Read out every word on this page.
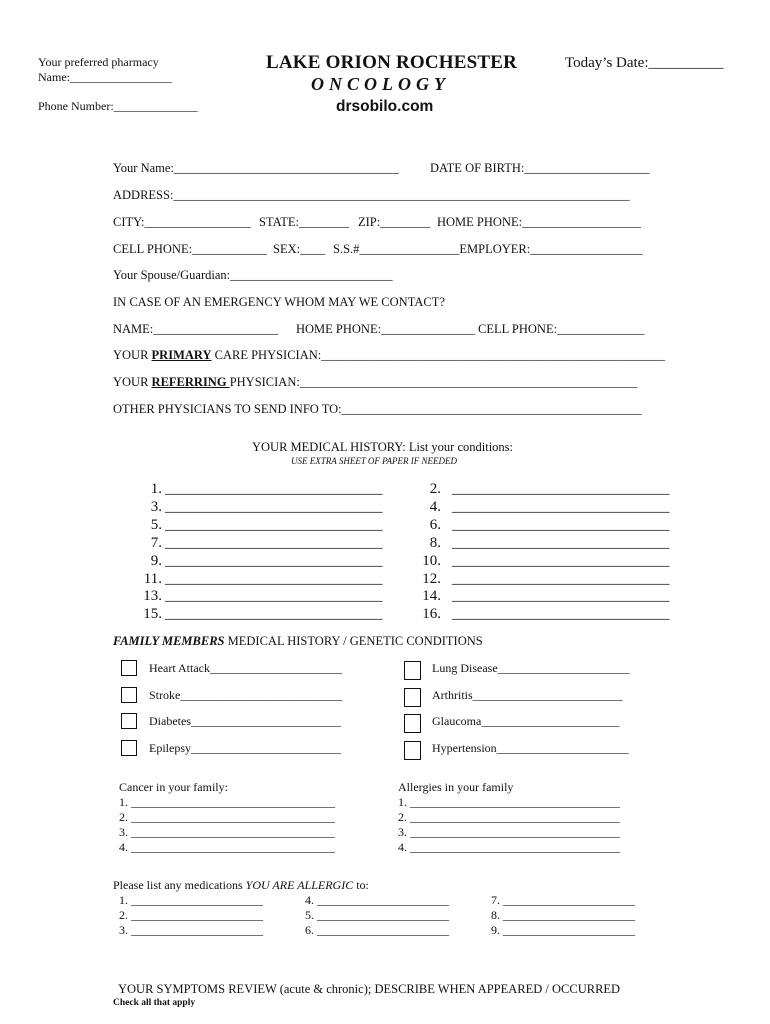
Your preferred pharmacy
Name:_________________
Phone Number:______________
LAKE ORION ROCHESTER
ONCOLOGY
drsobilo.com
Today’s Date:__________
Your Name:____________________________________ DATE OF BIRTH:____________________
ADDRESS:_________________________________________________________________________
CITY:_________________ STATE:________ ZIP:________ HOME PHONE:___________________
CELL PHONE:____________ SEX:____ S.S.#________________EMPLOYER:__________________
Your Spouse/Guardian:__________________________
IN CASE OF AN EMERGENCY WHOM MAY WE CONTACT?
NAME:____________________ HOME PHONE:_______________ CELL PHONE:______________
YOUR PRIMARY CARE PHYSICIAN:_______________________________________________________
YOUR REFERRING PHYSICIAN:______________________________________________________
OTHER PHYSICIANS TO SEND INFO TO:________________________________________________
YOUR MEDICAL HISTORY: List your conditions:
USE EXTRA SHEET OF PAPER IF NEEDED
1. _____________________________	2. _____________________________
3. _____________________________	4. _____________________________
5. _____________________________	6. _____________________________
7. _____________________________	8. _____________________________
9. _____________________________	10. _____________________________
11. _____________________________	12. _____________________________
13. _____________________________	14. _____________________________
15. _____________________________	16. _____________________________
FAMILY MEMBERS MEDICAL HISTORY / GENETIC CONDITIONS
Heart Attack______________________	Lung Disease______________________
Stroke___________________________	Arthritis_________________________
Diabetes_________________________	Glaucoma_______________________
Epilepsy_________________________	Hypertension______________________
Cancer in your family:
1. __________________________________
2. __________________________________
3. __________________________________
4. __________________________________
Allergies in your family
1. ___________________________________
2. ___________________________________
3. ___________________________________
4. ___________________________________
Please list any medications YOU ARE ALLERGIC to:
1. ______________________
2. ______________________
3. ______________________
4. ______________________
5. ______________________
6. ______________________
7. ______________________
8. ______________________
9. ______________________
YOUR SYMPTOMS REVIEW (acute & chronic); DESCRIBE WHEN APPEARED / OCCURRED
Check all that apply
